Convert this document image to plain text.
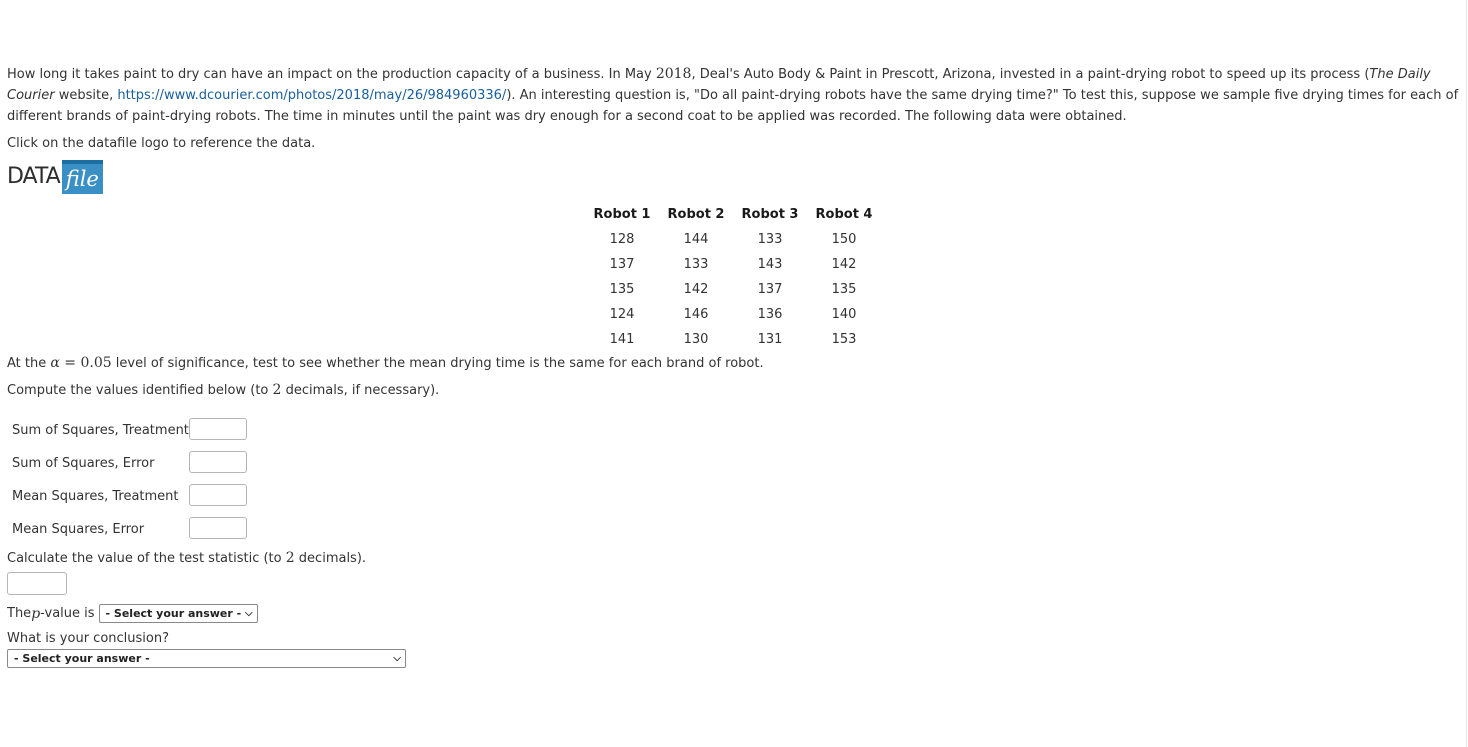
How long it takes paint to dry can have an impact on the production capacity of a business. In May 2018, Deal's Auto Body & Paint in Prescott, Arizona, invested in a paint-drying robot to speed up its process (The Daily Courier website, https://www.dcourier.com/photos/2018/may/26/984960336/). An interesting question is, "Do all paint-drying robots have the same drying time?" To test this, suppose we sample five drying times for each of different brands of paint-drying robots. The time in minutes until the paint was dry enough for a second coat to be applied was recorded. The following data were obtained.

Click on the datafile logo to reference the data.

DATA file
Robot 1	Robot 2	Robot 3	Robot 4
128	144	133	150
137	133	143	142
135	142	137	135
124	146	136	140
141	130	131	153

At the α = 0.05 level of significance, test to see whether the mean drying time is the same for each brand of robot.

Compute the values identified below (to 2 decimals, if necessary).

Sum of Squares, Treatment	
Sum of Squares, Error	
Mean Squares, Treatment	
Mean Squares, Error	

Calculate the value of the test statistic (to 2 decimals).

The p -value is - Select your answer - ⌵

What is your conclusion?

- Select your answer -	⌵
